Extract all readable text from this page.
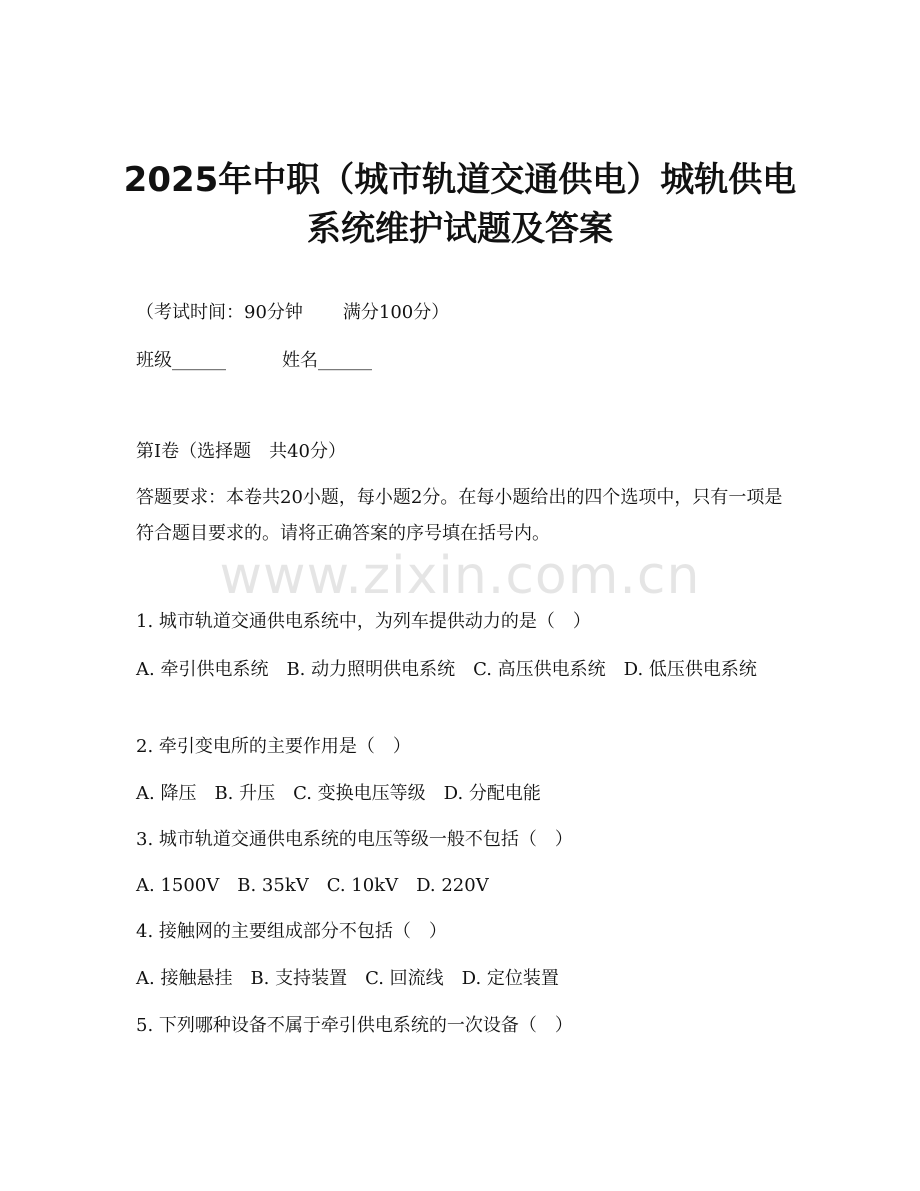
2025年中职（城市轨道交通供电）城轨供电
系统维护试题及答案

（考试时间：90分钟 满分100分）

班级______	姓名______

第Ⅰ卷（选择题　共40分）

答题要求：本卷共20小题，每小题2分。在每小题给出的四个选项中，只有一项是符合题目要求的。请将正确答案的序号填在括号内。

www.zixin.com.cn

1. 城市轨道交通供电系统中，为列车提供动力的是（　）

A. 牵引供电系统　B. 动力照明供电系统　C. 高压供电系统　D. 低压供电系统

2. 牵引变电所的主要作用是（　）

A. 降压　B. 升压　C. 变换电压等级　D. 分配电能

3. 城市轨道交通供电系统的电压等级一般不包括（　）

A. 1500V　B. 35kV　C. 10kV　D. 220V

4. 接触网的主要组成部分不包括（　）

A. 接触悬挂　B. 支持装置　C. 回流线　D. 定位装置

5. 下列哪种设备不属于牵引供电系统的一次设备（　）
